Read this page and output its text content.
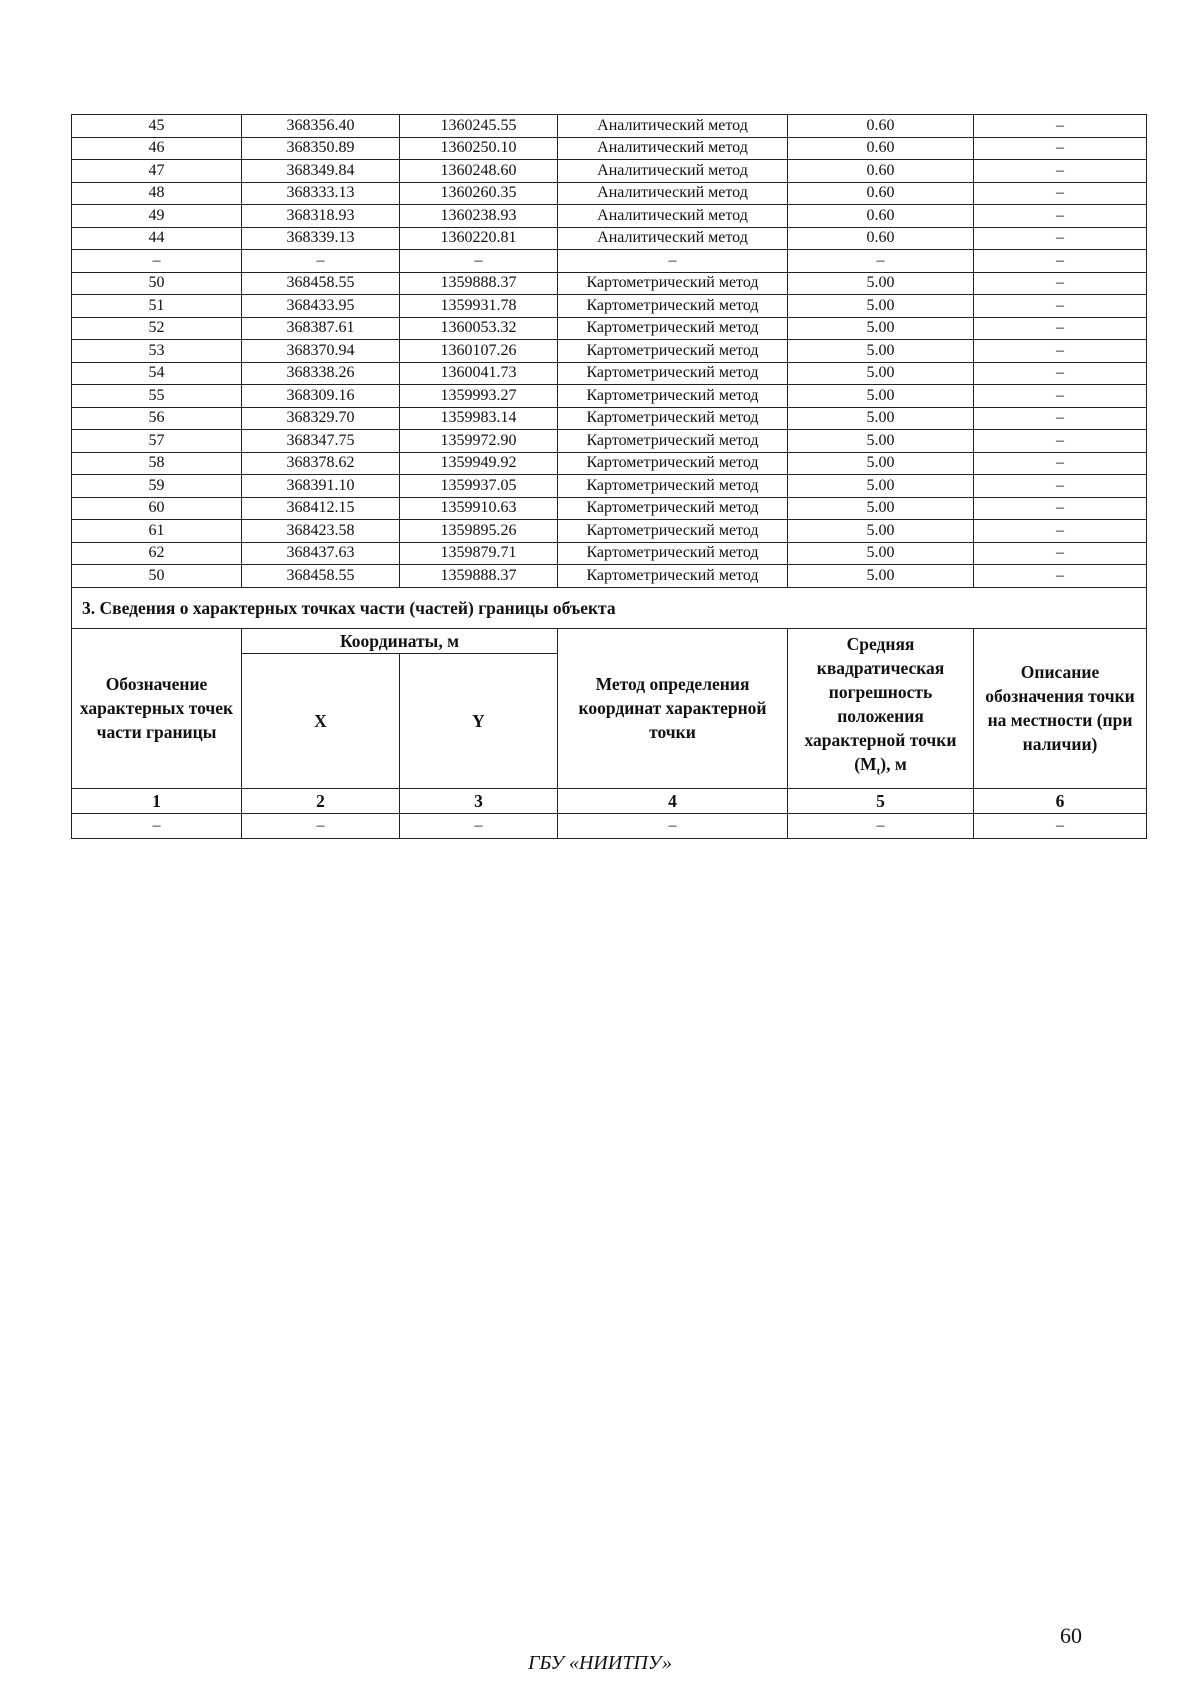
45	368356.40	1360245.55	Аналитический метод	0.60	–
46	368350.89	1360250.10	Аналитический метод	0.60	–
47	368349.84	1360248.60	Аналитический метод	0.60	–
48	368333.13	1360260.35	Аналитический метод	0.60	–
49	368318.93	1360238.93	Аналитический метод	0.60	–
44	368339.13	1360220.81	Аналитический метод	0.60	–
–	–	–	–	–	–
50	368458.55	1359888.37	Картометрический метод	5.00	–
51	368433.95	1359931.78	Картометрический метод	5.00	–
52	368387.61	1360053.32	Картометрический метод	5.00	–
53	368370.94	1360107.26	Картометрический метод	5.00	–
54	368338.26	1360041.73	Картометрический метод	5.00	–
55	368309.16	1359993.27	Картометрический метод	5.00	–
56	368329.70	1359983.14	Картометрический метод	5.00	–
57	368347.75	1359972.90	Картометрический метод	5.00	–
58	368378.62	1359949.92	Картометрический метод	5.00	–
59	368391.10	1359937.05	Картометрический метод	5.00	–
60	368412.15	1359910.63	Картометрический метод	5.00	–
61	368423.58	1359895.26	Картометрический метод	5.00	–
62	368437.63	1359879.71	Картометрический метод	5.00	–
50	368458.55	1359888.37	Картометрический метод	5.00	–
3. Сведения о характерных точках части (частей) границы объекта					
Обозначение характерных точек части границы	Координаты, м		Метод определения координат характерной точки	Средняя квадратическая погрешность положения характерной точки $(M_t)$, м	Описание обозначения точки на местности (при наличии)
	X	Y			
1	2	3	4	5	6
–	–	–	–	–	–
60
ГБУ «НИИТПУ»
